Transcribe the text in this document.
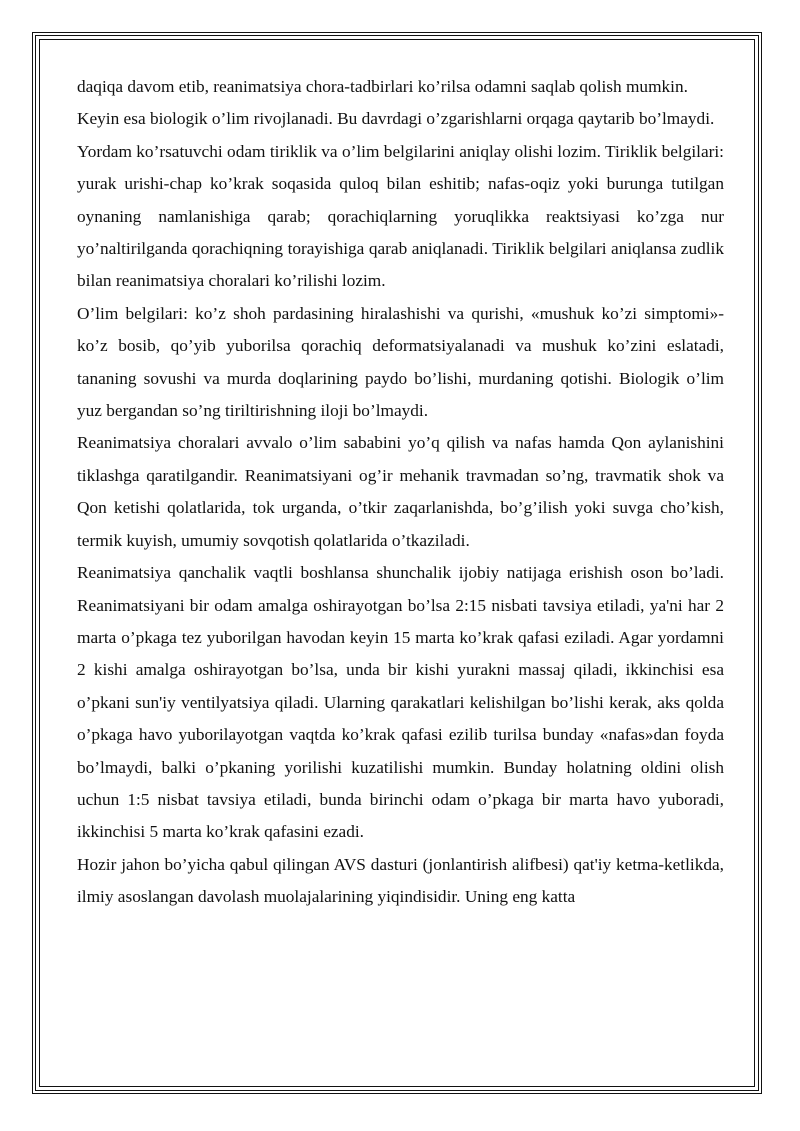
daqiqa davom etib, reanimatsiya chora-tadbirlari ko’rilsa odamni saqlab qolish mumkin.

Keyin esa biologik o’lim rivojlanadi. Bu davrdagi o’zgarishlarni orqaga qaytarib bo’lmaydi.

Yordam ko’rsatuvchi odam tiriklik va o’lim belgilarini aniqlay olishi lozim. Tiriklik belgilari: yurak urishi-chap ko’krak soqasida quloq bilan eshitib; nafas-oqiz yoki burunga tutilgan oynaning namlanishiga qarab; qorachiqlarning yoruqlikka reaktsiyasi ko’zga nur yo’naltirilganda qorachiqning torayishiga qarab aniqlanadi. Tiriklik belgilari aniqlansa zudlik bilan reanimatsiya choralari ko’rilishi lozim.

O’lim belgilari: ko’z shoh pardasining hiralashishi va qurishi, «mushuk ko’zi simptomi»-ko’z bosib, qo’yib yuborilsa qorachiq deformatsiyalanadi va mushuk ko’zini eslatadi, tananing sovushi va murda doqlarining paydo bo’lishi, murdaning qotishi. Biologik o’lim yuz bergandan so’ng tiriltirishning iloji bo’lmaydi.

Reanimatsiya choralari avvalo o’lim sababini yo’q qilish va nafas hamda Qon aylanishini tiklashga qaratilgandir. Reanimatsiyani og’ir mehanik travmadan so’ng, travmatik shok va Qon ketishi qolatlarida, tok urganda, o’tkir zaqarlanishda, bo’g’ilish yoki suvga cho’kish, termik kuyish, umumiy sovqotish qolatlarida o’tkaziladi.

Reanimatsiya qanchalik vaqtli boshlansa shunchalik ijobiy natijaga erishish oson bo’ladi. Reanimatsiyani bir odam amalga oshirayotgan bo’lsa 2:15 nisbati tavsiya etiladi, ya'ni har 2 marta o’pkaga tez yuborilgan havodan keyin 15 marta ko’krak qafasi eziladi. Agar yordamni 2 kishi amalga oshirayotgan bo’lsa, unda bir kishi yurakni massaj qiladi, ikkinchisi esa o’pkani sun'iy ventilyatsiya qiladi. Ularning qarakatlari kelishilgan bo’lishi kerak, aks qolda o’pkaga havo yuborilayotgan vaqtda ko’krak qafasi ezilib turilsa bunday «nafas»dan foyda bo’lmaydi, balki o’pkaning yorilishi kuzatilishi mumkin. Bunday holatning oldini olish uchun 1:5 nisbat tavsiya etiladi, bunda birinchi odam o’pkaga bir marta havo yuboradi, ikkinchisi 5 marta ko’krak qafasini ezadi.

Hozir jahon bo’yicha qabul qilingan AVS dasturi (jonlantirish alifbesi) qat'iy ketma-ketlikda, ilmiy asoslangan davolash muolajalarining yiqindisidir. Uning eng katta
